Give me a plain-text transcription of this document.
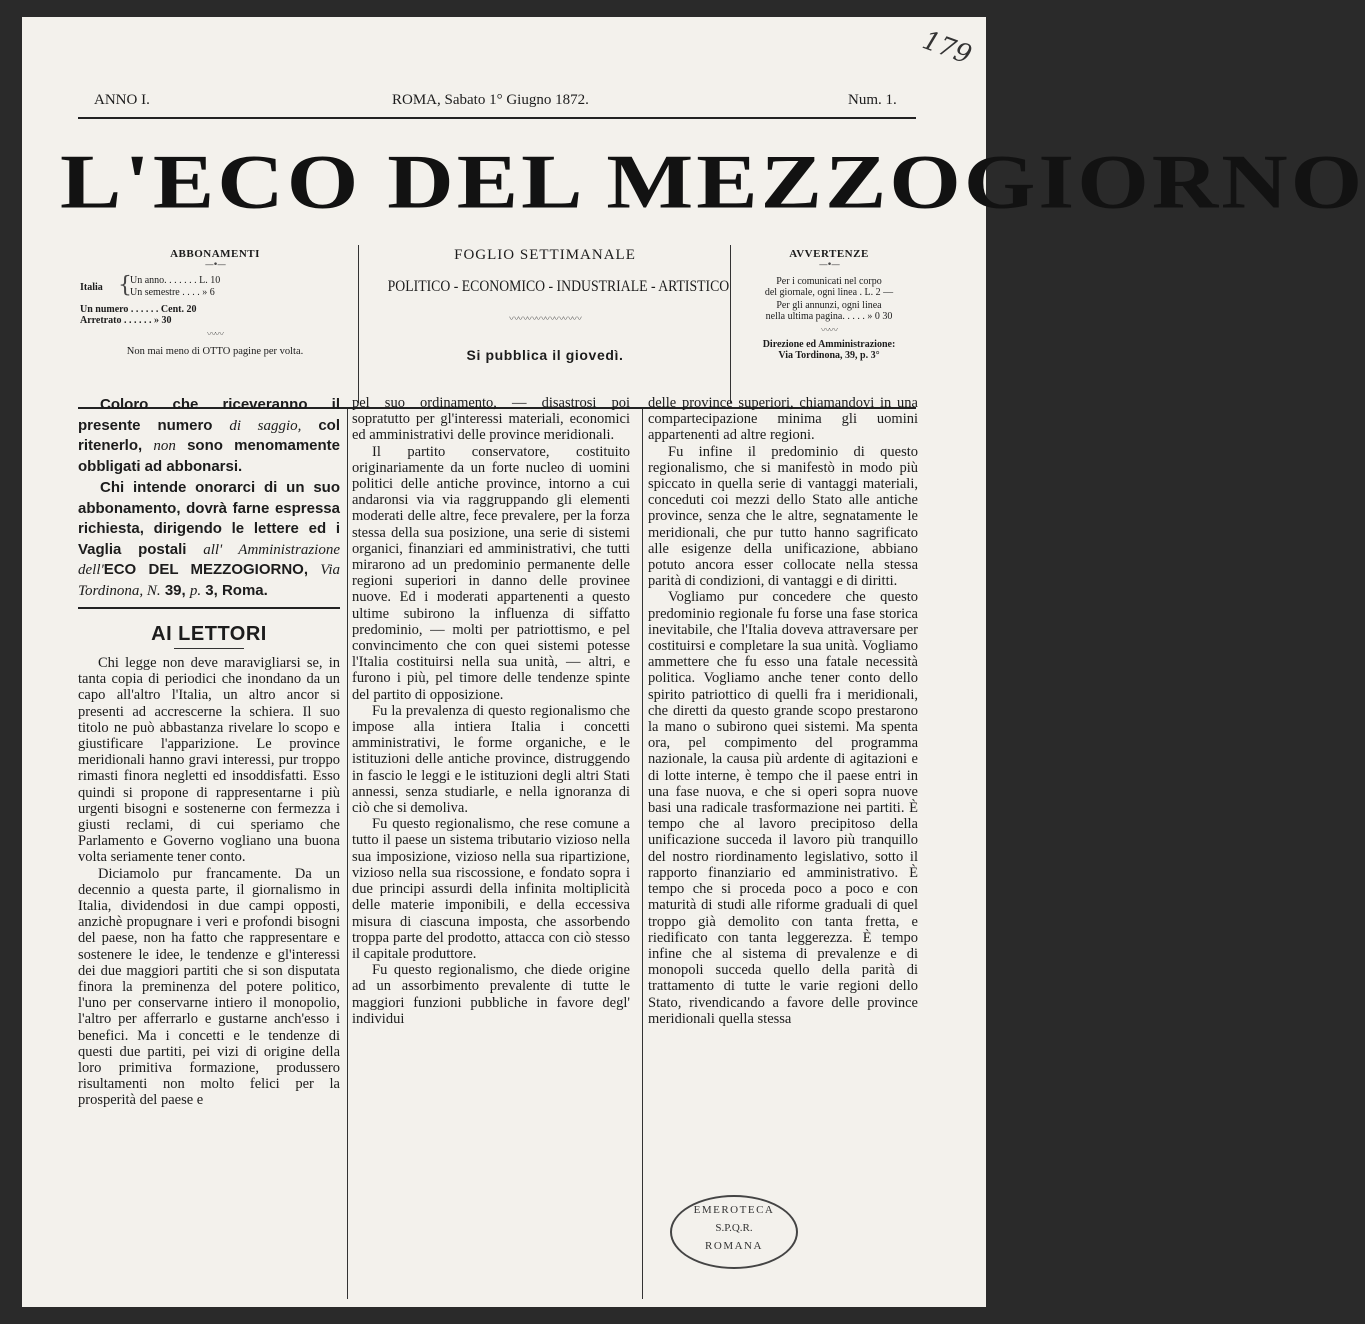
179
ANNO I.	ROMA, Sabato 1° Giugno 1872.	Num. 1.
L'ECO DEL MEZZOGIORNO
ABBONAMENTI
—•—
Italia {
Un anno. . . . . . . L. 10
Un semestre . . . . » 6
Un numero . . . . . . Cent. 20
Arretrato . . . . . . » 30
〰〰
Non mai meno di OTTO pagine per volta.
FOGLIO SETTIMANALE
POLITICO - ECONOMICO - INDUSTRIALE - ARTISTICO
〰〰〰〰〰〰〰〰
Si pubblica il giovedì.
AVVERTENZE
—•—
Per i comunicati nel corpo
del giornale, ogni linea . L. 2 —
Per gli annunzi, ogni linea
nella ultima pagina. . . . . » 0 30
〰〰
Direzione ed Amministrazione:
Via Tordinona, 39, p. 3°

Coloro che riceveranno il presente numero di saggio, col ritenerlo, non sono menomamente obbligati ad abbonarsi.

Chi intende onorarci di un suo abbonamento, dovrà farne espressa richiesta, dirigendo le lettere ed i Vaglia postali all' Amministrazione dell'ECO DEL MEZZOGIORNO, Via Tordinona, N. 39, p. 3, Roma.

AI LETTORI

Chi legge non deve maravigliarsi se, in tanta copia di periodici che inondano da un capo all'altro l'Italia, un altro ancor si presenti ad accrescerne la schiera. Il suo titolo ne può abbastanza rivelare lo scopo e giustificare l'apparizione. Le province meridionali hanno gravi interessi, pur troppo rimasti finora negletti ed insoddisfatti. Esso quindi si propone di rappresentarne i più urgenti bisogni e sostenerne con fermezza i giusti reclami, di cui speriamo che Parlamento e Governo vogliano una buona volta seriamente tener conto.

Diciamolo pur francamente. Da un decennio a questa parte, il giornalismo in Italia, dividendosi in due campi opposti, anzichè propugnare i veri e profondi bisogni del paese, non ha fatto che rappresentare e sostenere le idee, le tendenze e gl'interessi dei due maggiori partiti che si son disputata finora la preminenza del potere politico, l'uno per conservarne intiero il monopolio, l'altro per afferrarlo e gustarne anch'esso i benefici. Ma i concetti e le tendenze di questi due partiti, pei vizi di origine della loro primitiva formazione, produssero risultamenti non molto felici per la prosperità del paese e

pel suo ordinamento, — disastrosi poi sopratutto per gl'interessi materiali, economici ed amministrativi delle province meridionali.

Il partito conservatore, costituito originariamente da un forte nucleo di uomini politici delle antiche province, intorno a cui andaronsi via via raggruppando gli elementi moderati delle altre, fece prevalere, per la forza stessa della sua posizione, una serie di sistemi organici, finanziari ed amministrativi, che tutti mirarono ad un predominio permanente delle regioni superiori in danno delle provinee nuove. Ed i moderati appartenenti a questo ultime subirono la influenza di siffatto predominio, — molti per patriottismo, e pel convincimento che con quei sistemi potesse l'Italia costituirsi nella sua unità, — altri, e furono i più, pel timore delle tendenze spinte del partito di opposizione.

Fu la prevalenza di questo regionalismo che impose alla intiera Italia i concetti amministrativi, le forme organiche, e le istituzioni delle antiche province, distruggendo in fascio le leggi e le istituzioni degli altri Stati annessi, senza studiarle, e nella ignoranza di ciò che si demoliva.

Fu questo regionalismo, che rese comune a tutto il paese un sistema tributario vizioso nella sua imposizione, vizioso nella sua ripartizione, vizioso nella sua riscossione, e fondato sopra i due principi assurdi della infinita moltiplicità delle materie imponibili, e della eccessiva misura di ciascuna imposta, che assorbendo troppa parte del prodotto, attacca con ciò stesso il capitale produttore.

Fu questo regionalismo, che diede origine ad un assorbimento prevalente di tutte le maggiori funzioni pubbliche in favore degl' individui

delle province superiori, chiamandovi in una compartecipazione minima gli uomini appartenenti ad altre regioni.

Fu infine il predominio di questo regionalismo, che si manifestò in modo più spiccato in quella serie di vantaggi materiali, conceduti coi mezzi dello Stato alle antiche province, senza che le altre, segnatamente le meridionali, che pur tutto hanno sagrificato alle esigenze della unificazione, abbiano potuto ancora esser collocate nella stessa parità di condizioni, di vantaggi e di diritti.

Vogliamo pur concedere che questo predominio regionale fu forse una fase storica inevitabile, che l'Italia doveva attraversare per costituirsi e completare la sua unità. Vogliamo ammettere che fu esso una fatale necessità politica. Vogliamo anche tener conto dello spirito patriottico di quelli fra i meridionali, che diretti da questo grande scopo prestarono la mano o subirono quei sistemi. Ma spenta ora, pel compimento del programma nazionale, la causa più ardente di agitazioni e di lotte interne, è tempo che il paese entri in una fase nuova, e che si operi sopra nuove basi una radicale trasformazione nei partiti. È tempo che al lavoro precipitoso della unificazione succeda il lavoro più tranquillo del nostro riordinamento legislativo, sotto il rapporto finanziario ed amministrativo. È tempo che si proceda poco a poco e con maturità di studi alle riforme graduali di quel troppo già demolito con tanta fretta, e riedificato con tanta leggerezza. È tempo infine che al sistema di prevalenze e di monopoli succeda quello della parità di trattamento di tutte le varie regioni dello Stato, rivendicando a favore delle province meridionali quella stessa

EMEROTECA
S.P.Q.R.
ROMANA
